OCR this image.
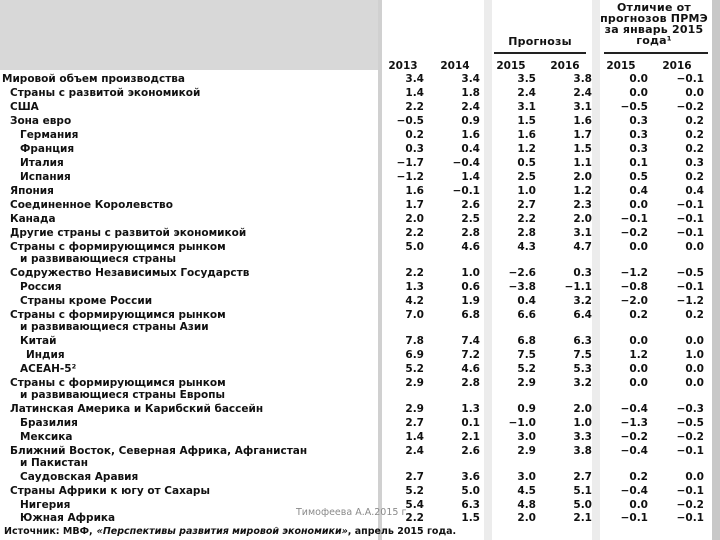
Отличие от прогнозов ПРМЭ за январь 2015 года¹
Прогнозы
2013	2014	2015	2016	2015	2016
Мировой объем производства	3.4	3.4	3.5	3.8	0.0	−0.1
Страны с развитой экономикой	1.4	1.8	2.4	2.4	0.0	0.0
США	2.2	2.4	3.1	3.1	−0.5	−0.2
Зона евро	−0.5	0.9	1.5	1.6	0.3	0.2
Германия	0.2	1.6	1.6	1.7	0.3	0.2
Франция	0.3	0.4	1.2	1.5	0.3	0.2
Италия	−1.7	−0.4	0.5	1.1	0.1	0.3
Испания	−1.2	1.4	2.5	2.0	0.5	0.2
Япония	1.6	−0.1	1.0	1.2	0.4	0.4
Соединенное Королевство	1.7	2.6	2.7	2.3	0.0	−0.1
Канада	2.0	2.5	2.2	2.0	−0.1	−0.1
Другие страны с развитой экономикой	2.2	2.8	2.8	3.1	−0.2	−0.1
Страны с формирующимся рынком	5.0	4.6	4.3	4.7	0.0	0.0
и развивающиеся страны
Содружество Независимых Государств	2.2	1.0	−2.6	0.3	−1.2	−0.5
Россия	1.3	0.6	−3.8	−1.1	−0.8	−0.1
Страны кроме России	4.2	1.9	0.4	3.2	−2.0	−1.2
Страны с формирующимся рынком	7.0	6.8	6.6	6.4	0.2	0.2
и развивающиеся страны Азии
Китай	7.8	7.4	6.8	6.3	0.0	0.0
Индия	6.9	7.2	7.5	7.5	1.2	1.0
АСЕАН-5²	5.2	4.6	5.2	5.3	0.0	0.0
Страны с формирующимся рынком	2.9	2.8	2.9	3.2	0.0	0.0
и развивающиеся страны Европы
Латинская Америка и Карибский бассейн	2.9	1.3	0.9	2.0	−0.4	−0.3
Бразилия	2.7	0.1	−1.0	1.0	−1.3	−0.5
Мексика	1.4	2.1	3.0	3.3	−0.2	−0.2
Ближний Восток, Северная Африка, Афганистан	2.4	2.6	2.9	3.8	−0.4	−0.1
и Пакистан
Саудовская Аравия	2.7	3.6	3.0	2.7	0.2	0.0
Страны Африки к югу от Сахары	5.2	5.0	4.5	5.1	−0.4	−0.1
Нигерия	5.4	6.3	4.8	5.0	0.0	−0.2
Южная Африка	2.2	1.5	2.0	2.1	−0.1	−0.1
Тимофеева А.А.2015 г.
Источник: МВФ, «Перспективы развития мировой экономики», апрель 2015 года.
